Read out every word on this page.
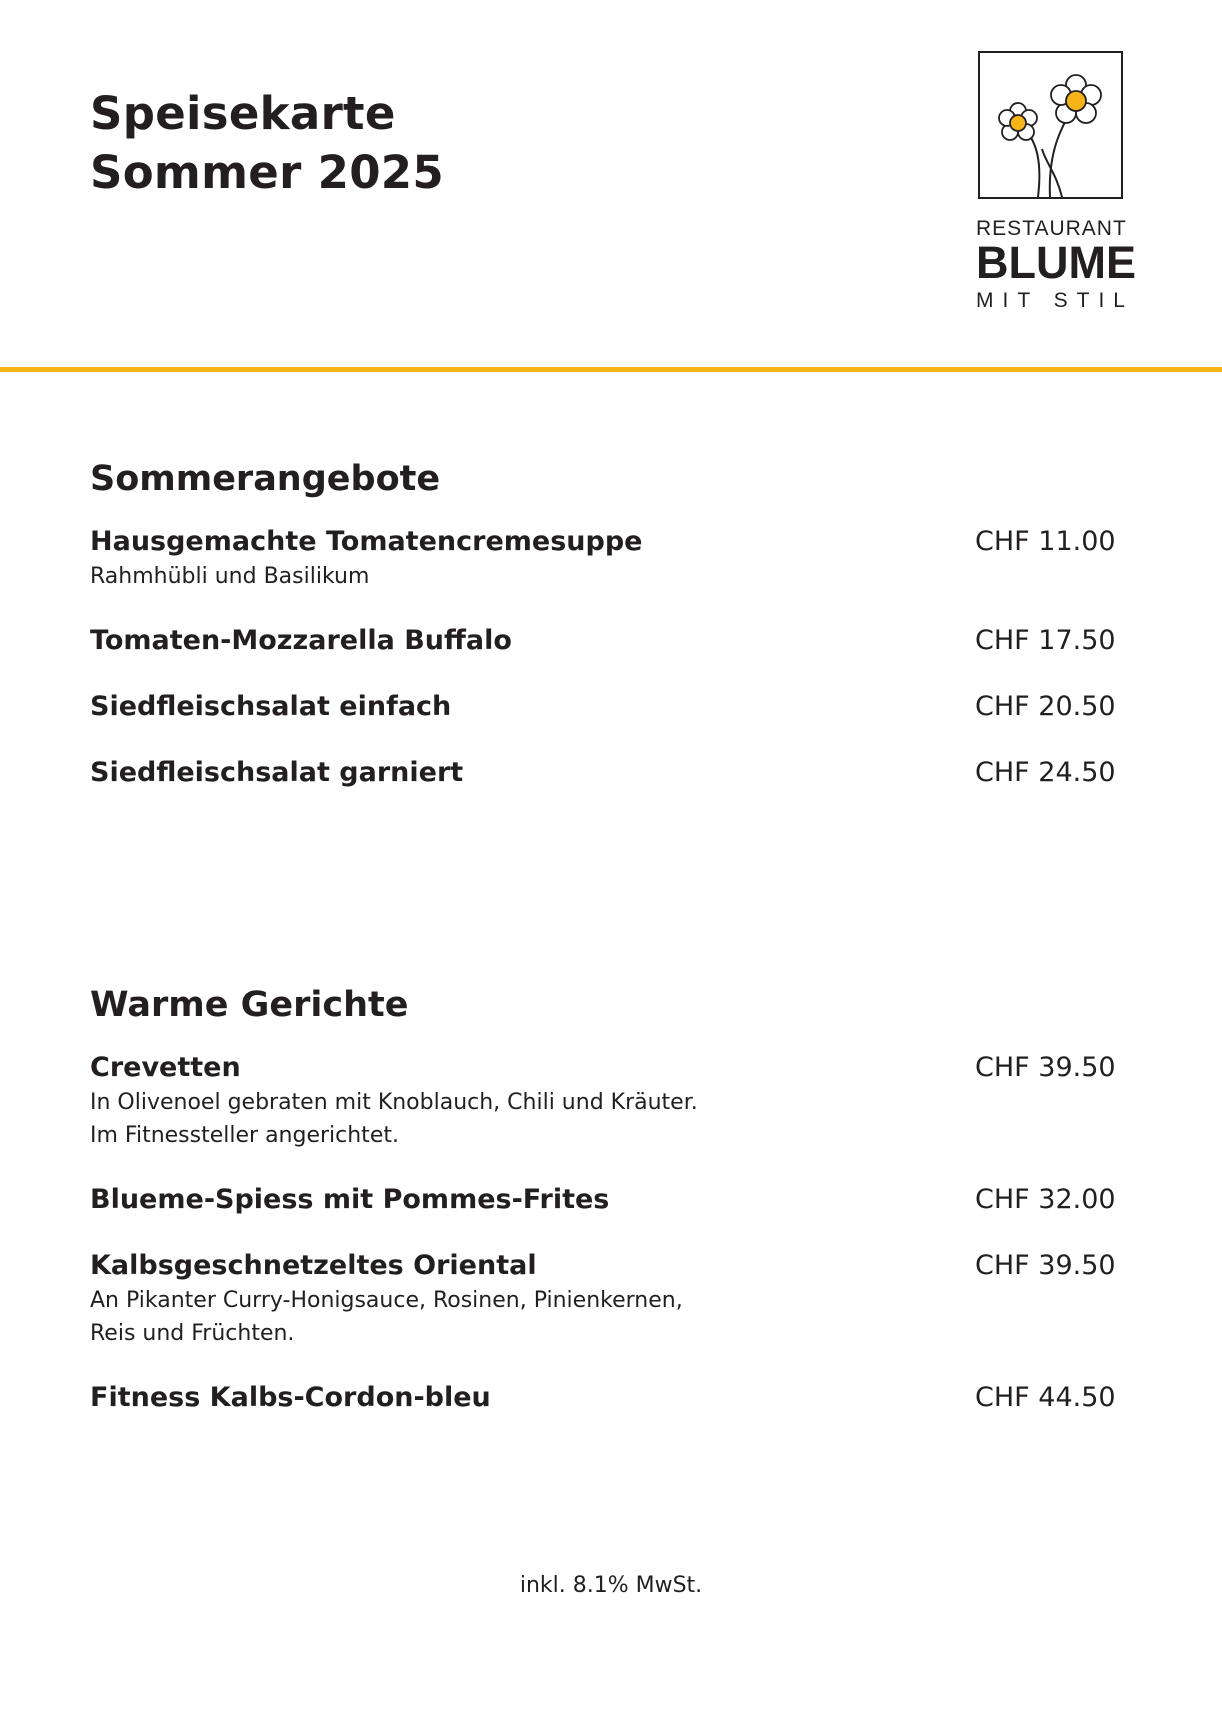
Speisekarte
Sommer 2025
RESTAURANT
BLUME
MIT STIL
Sommerangebote
Hausgemachte Tomatencremesuppe	CHF 11.00
Rahmhübli und Basilikum
Tomaten-Mozzarella Buffalo	CHF 17.50
Siedfleischsalat einfach	CHF 20.50
Siedfleischsalat garniert	CHF 24.50
Warme Gerichte
Crevetten	CHF 39.50
In Olivenoel gebraten mit Knoblauch, Chili und Kräuter.
Im Fitnessteller angerichtet.
Blueme-Spiess mit Pommes-Frites	CHF 32.00
Kalbsgeschnetzeltes Oriental	CHF 39.50
An Pikanter Curry-Honigsauce, Rosinen, Pinienkernen,
Reis und Früchten.
Fitness Kalbs-Cordon-bleu	CHF 44.50
inkl. 8.1% MwSt.
